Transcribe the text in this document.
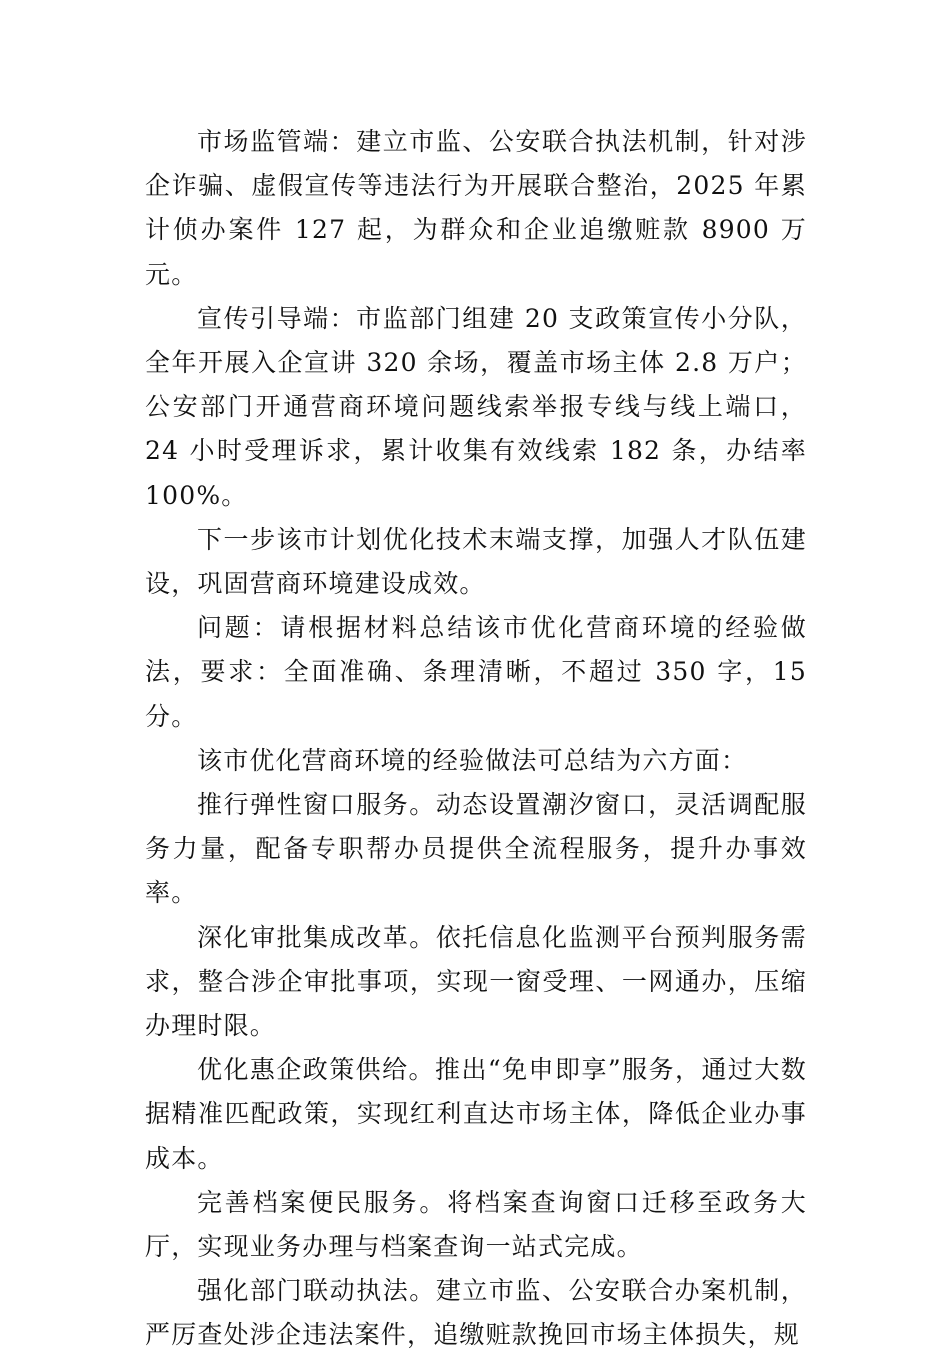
市场监管端：建立市监、公安联合执法机制，针对涉企诈骗、虚假宣传等违法行为开展联合整治，2025 年累计侦办案件 127 起，为群众和企业追缴赃款 8900 万元。

宣传引导端：市监部门组建 20 支政策宣传小分队，全年开展入企宣讲 320 余场，覆盖市场主体 2.8 万户；公安部门开通营商环境问题线索举报专线与线上端口，24 小时受理诉求，累计收集有效线索 182 条，办结率 100%。

下一步该市计划优化技术末端支撑，加强人才队伍建设，巩固营商环境建设成效。

问题：请根据材料总结该市优化营商环境的经验做法，要求：全面准确、条理清晰，不超过 350 字，15 分。

该市优化营商环境的经验做法可总结为六方面：

推行弹性窗口服务。动态设置潮汐窗口，灵活调配服务力量，配备专职帮办员提供全流程服务，提升办事效率。

深化审批集成改革。依托信息化监测平台预判服务需求，整合涉企审批事项，实现一窗受理、一网通办，压缩办理时限。

优化惠企政策供给。推出“免申即享”服务，通过大数据精准匹配政策，实现红利直达市场主体，降低企业办事成本。

完善档案便民服务。将档案查询窗口迁移至政务大厅，实现业务办理与档案查询一站式完成。

强化部门联动执法。建立市监、公安联合办案机制，严厉查处涉企违法案件，追缴赃款挽回市场主体损失，规
